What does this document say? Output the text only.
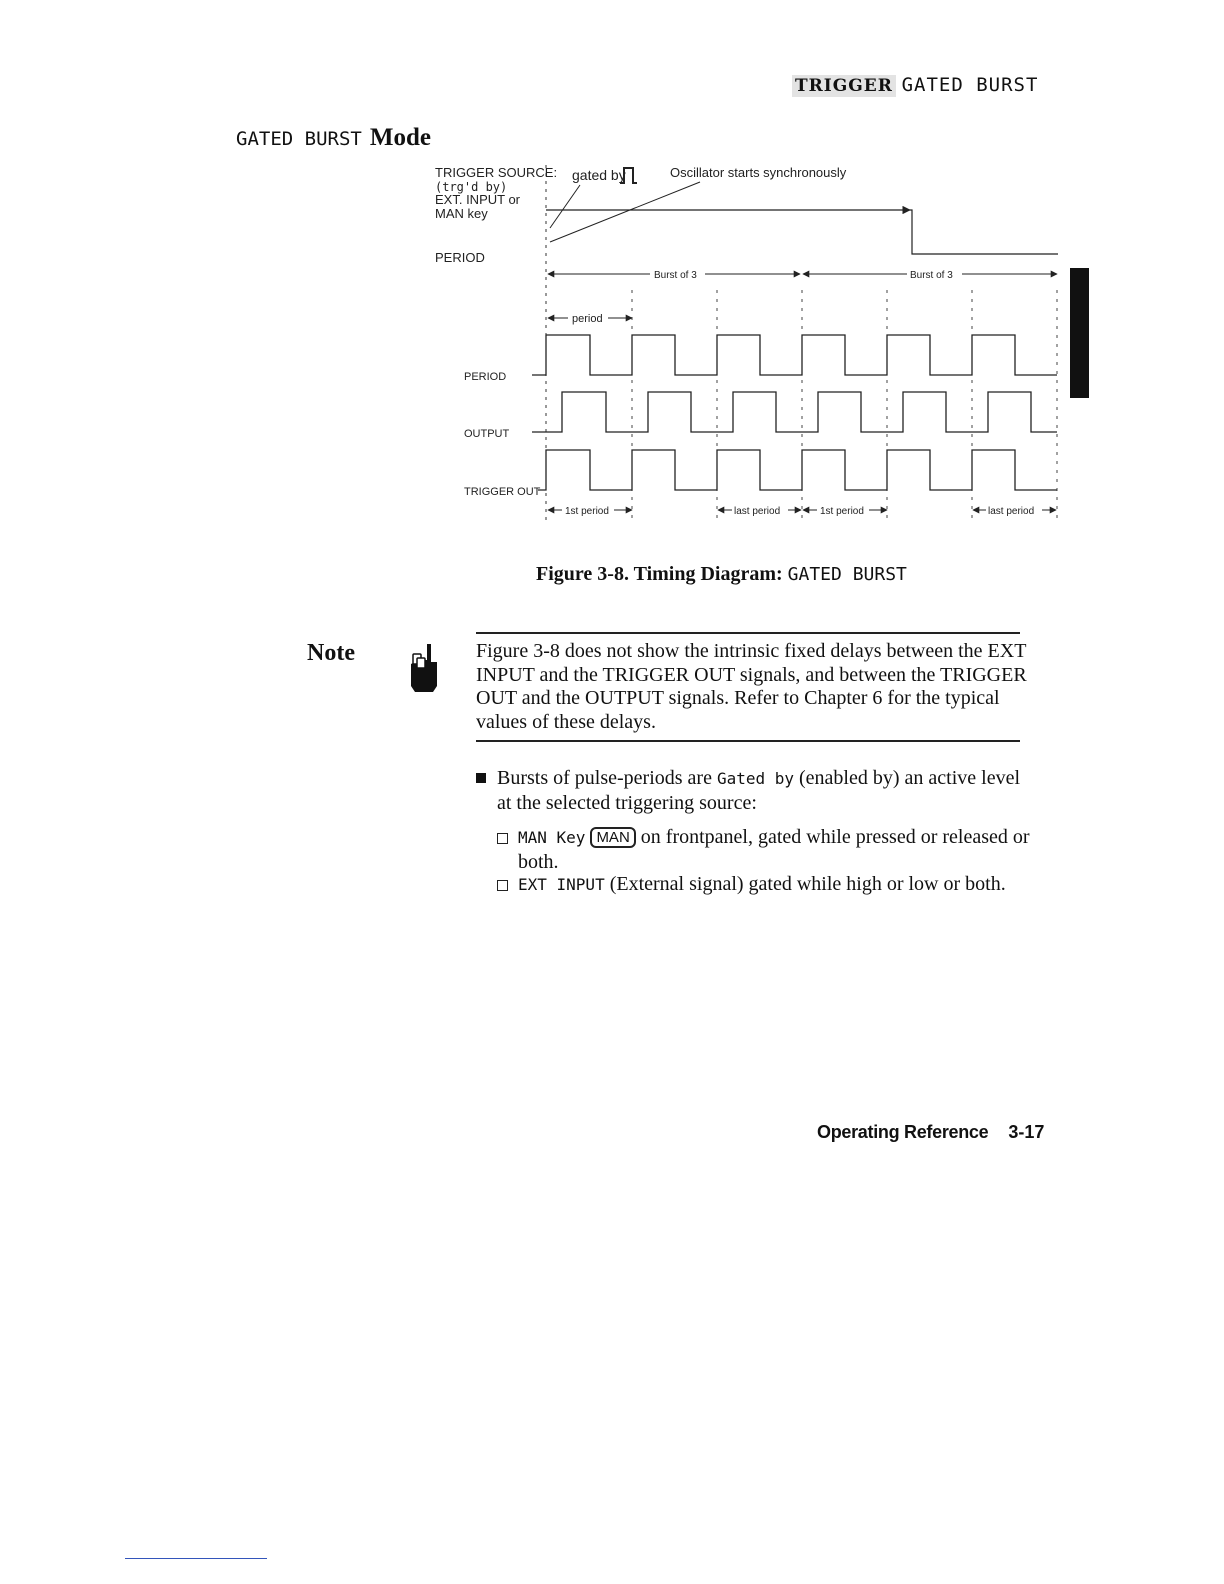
TRIGGER GATED BURST
GATED BURST Mode
TRIGGER SOURCE:
(trg'd by)
EXT. INPUT or
MAN key
gated by	Oscillator starts synchronously
PERIOD
Burst of 3	Burst of 3
period
PERIOD
OUTPUT
TRIGGER OUT
1st period	last period	1st period	last period
Figure 3-8. Timing Diagram: GATED BURST
Note	Figure 3-8 does not show the intrinsic fixed delays between the EXT INPUT and the TRIGGER OUT signals, and between the TRIGGER OUT and the OUTPUT signals. Refer to Chapter 6 for the typical values of these delays.
Bursts of pulse-periods are Gated by (enabled by) an active level at the selected triggering source:
MAN Key MAN on frontpanel, gated while pressed or released or both.
EXT INPUT (External signal) gated while high or low or both.
Operating Reference 3-17
